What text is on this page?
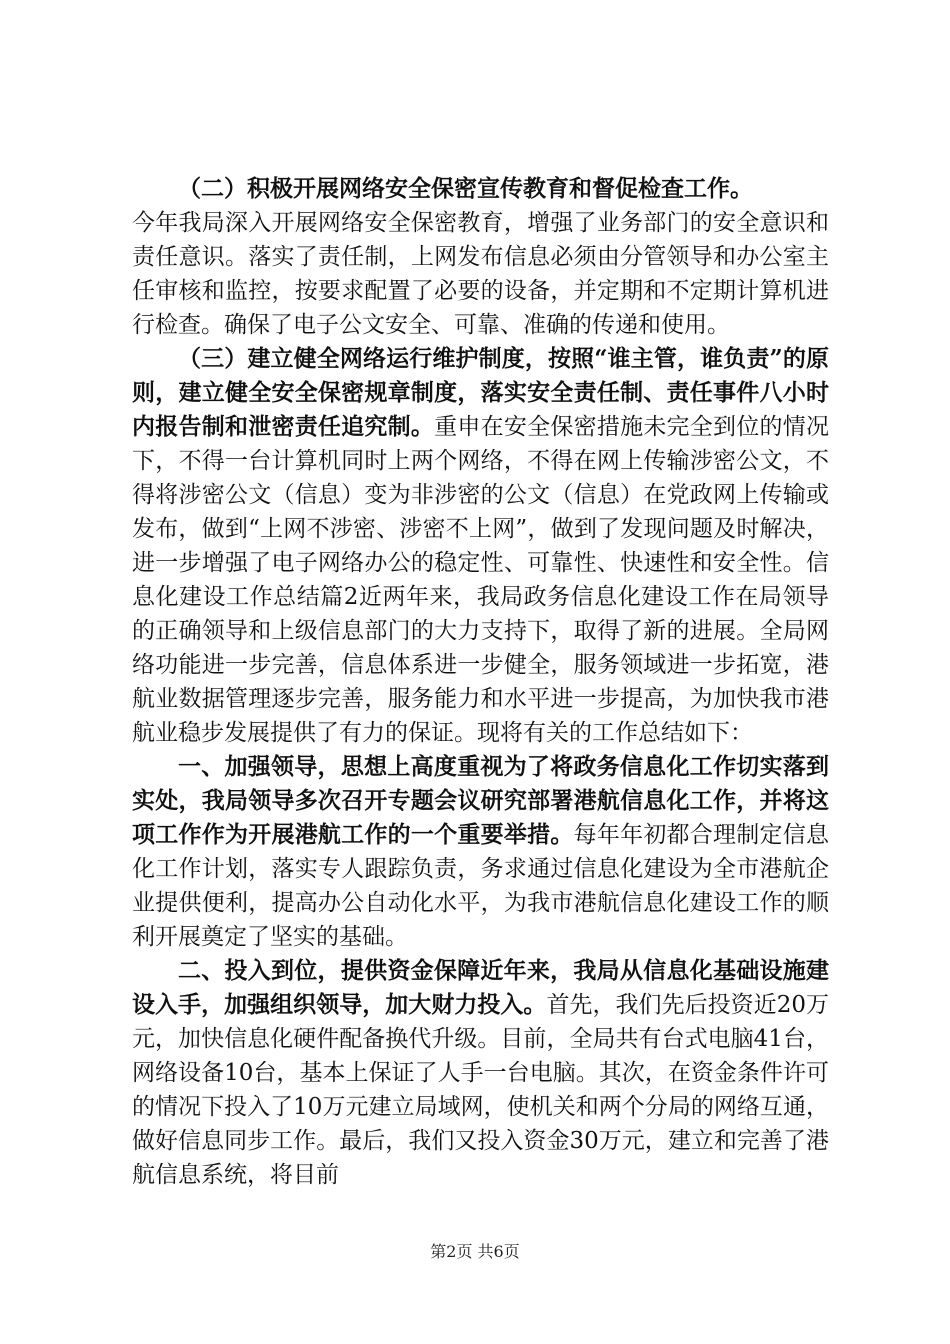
（二）积极开展网络安全保密宣传教育和督促检查工作。
今年我局深入开展网络安全保密教育，增强了业务部门的安全意识和责任意识。落实了责任制，上网发布信息必须由分管领导和办公室主任审核和监控，按要求配置了必要的设备，并定期和不定期计算机进行检查。确保了电子公文安全、可靠、准确的传递和使用。

（三）建立健全网络运行维护制度，按照“谁主管，谁负责”的原则，建立健全安全保密规章制度，落实安全责任制、责任事件八小时内报告制和泄密责任追究制。重申在安全保密措施未完全到位的情况下，不得一台计算机同时上两个网络，不得在网上传输涉密公文，不得将涉密公文（信息）变为非涉密的公文（信息）在党政网上传输或发布，做到“上网不涉密、涉密不上网”，做到了发现问题及时解决，进一步增强了电子网络办公的稳定性、可靠性、快速性和安全性。信息化建设工作总结篇2近两年来，我局政务信息化建设工作在局领导的正确领导和上级信息部门的大力支持下，取得了新的进展。全局网络功能进一步完善，信息体系进一步健全，服务领域进一步拓宽，港航业数据管理逐步完善，服务能力和水平进一步提高，为加快我市港航业稳步发展提供了有力的保证。现将有关的工作总结如下：

一、加强领导，思想上高度重视为了将政务信息化工作切实落到实处，我局领导多次召开专题会议研究部署港航信息化工作，并将这项工作作为开展港航工作的一个重要举措。每年年初都合理制定信息化工作计划，落实专人跟踪负责，务求通过信息化建设为全市港航企业提供便利，提高办公自动化水平，为我市港航信息化建设工作的顺利开展奠定了坚实的基础。

二、投入到位，提供资金保障近年来，我局从信息化基础设施建设入手，加强组织领导，加大财力投入。首先，我们先后投资近20万元，加快信息化硬件配备换代升级。目前，全局共有台式电脑41台，网络设备10台，基本上保证了人手一台电脑。其次，在资金条件许可的情况下投入了10万元建立局域网，使机关和两个分局的网络互通，做好信息同步工作。最后，我们又投入资金30万元，建立和完善了港航信息系统，将目前

第2页 共6页
